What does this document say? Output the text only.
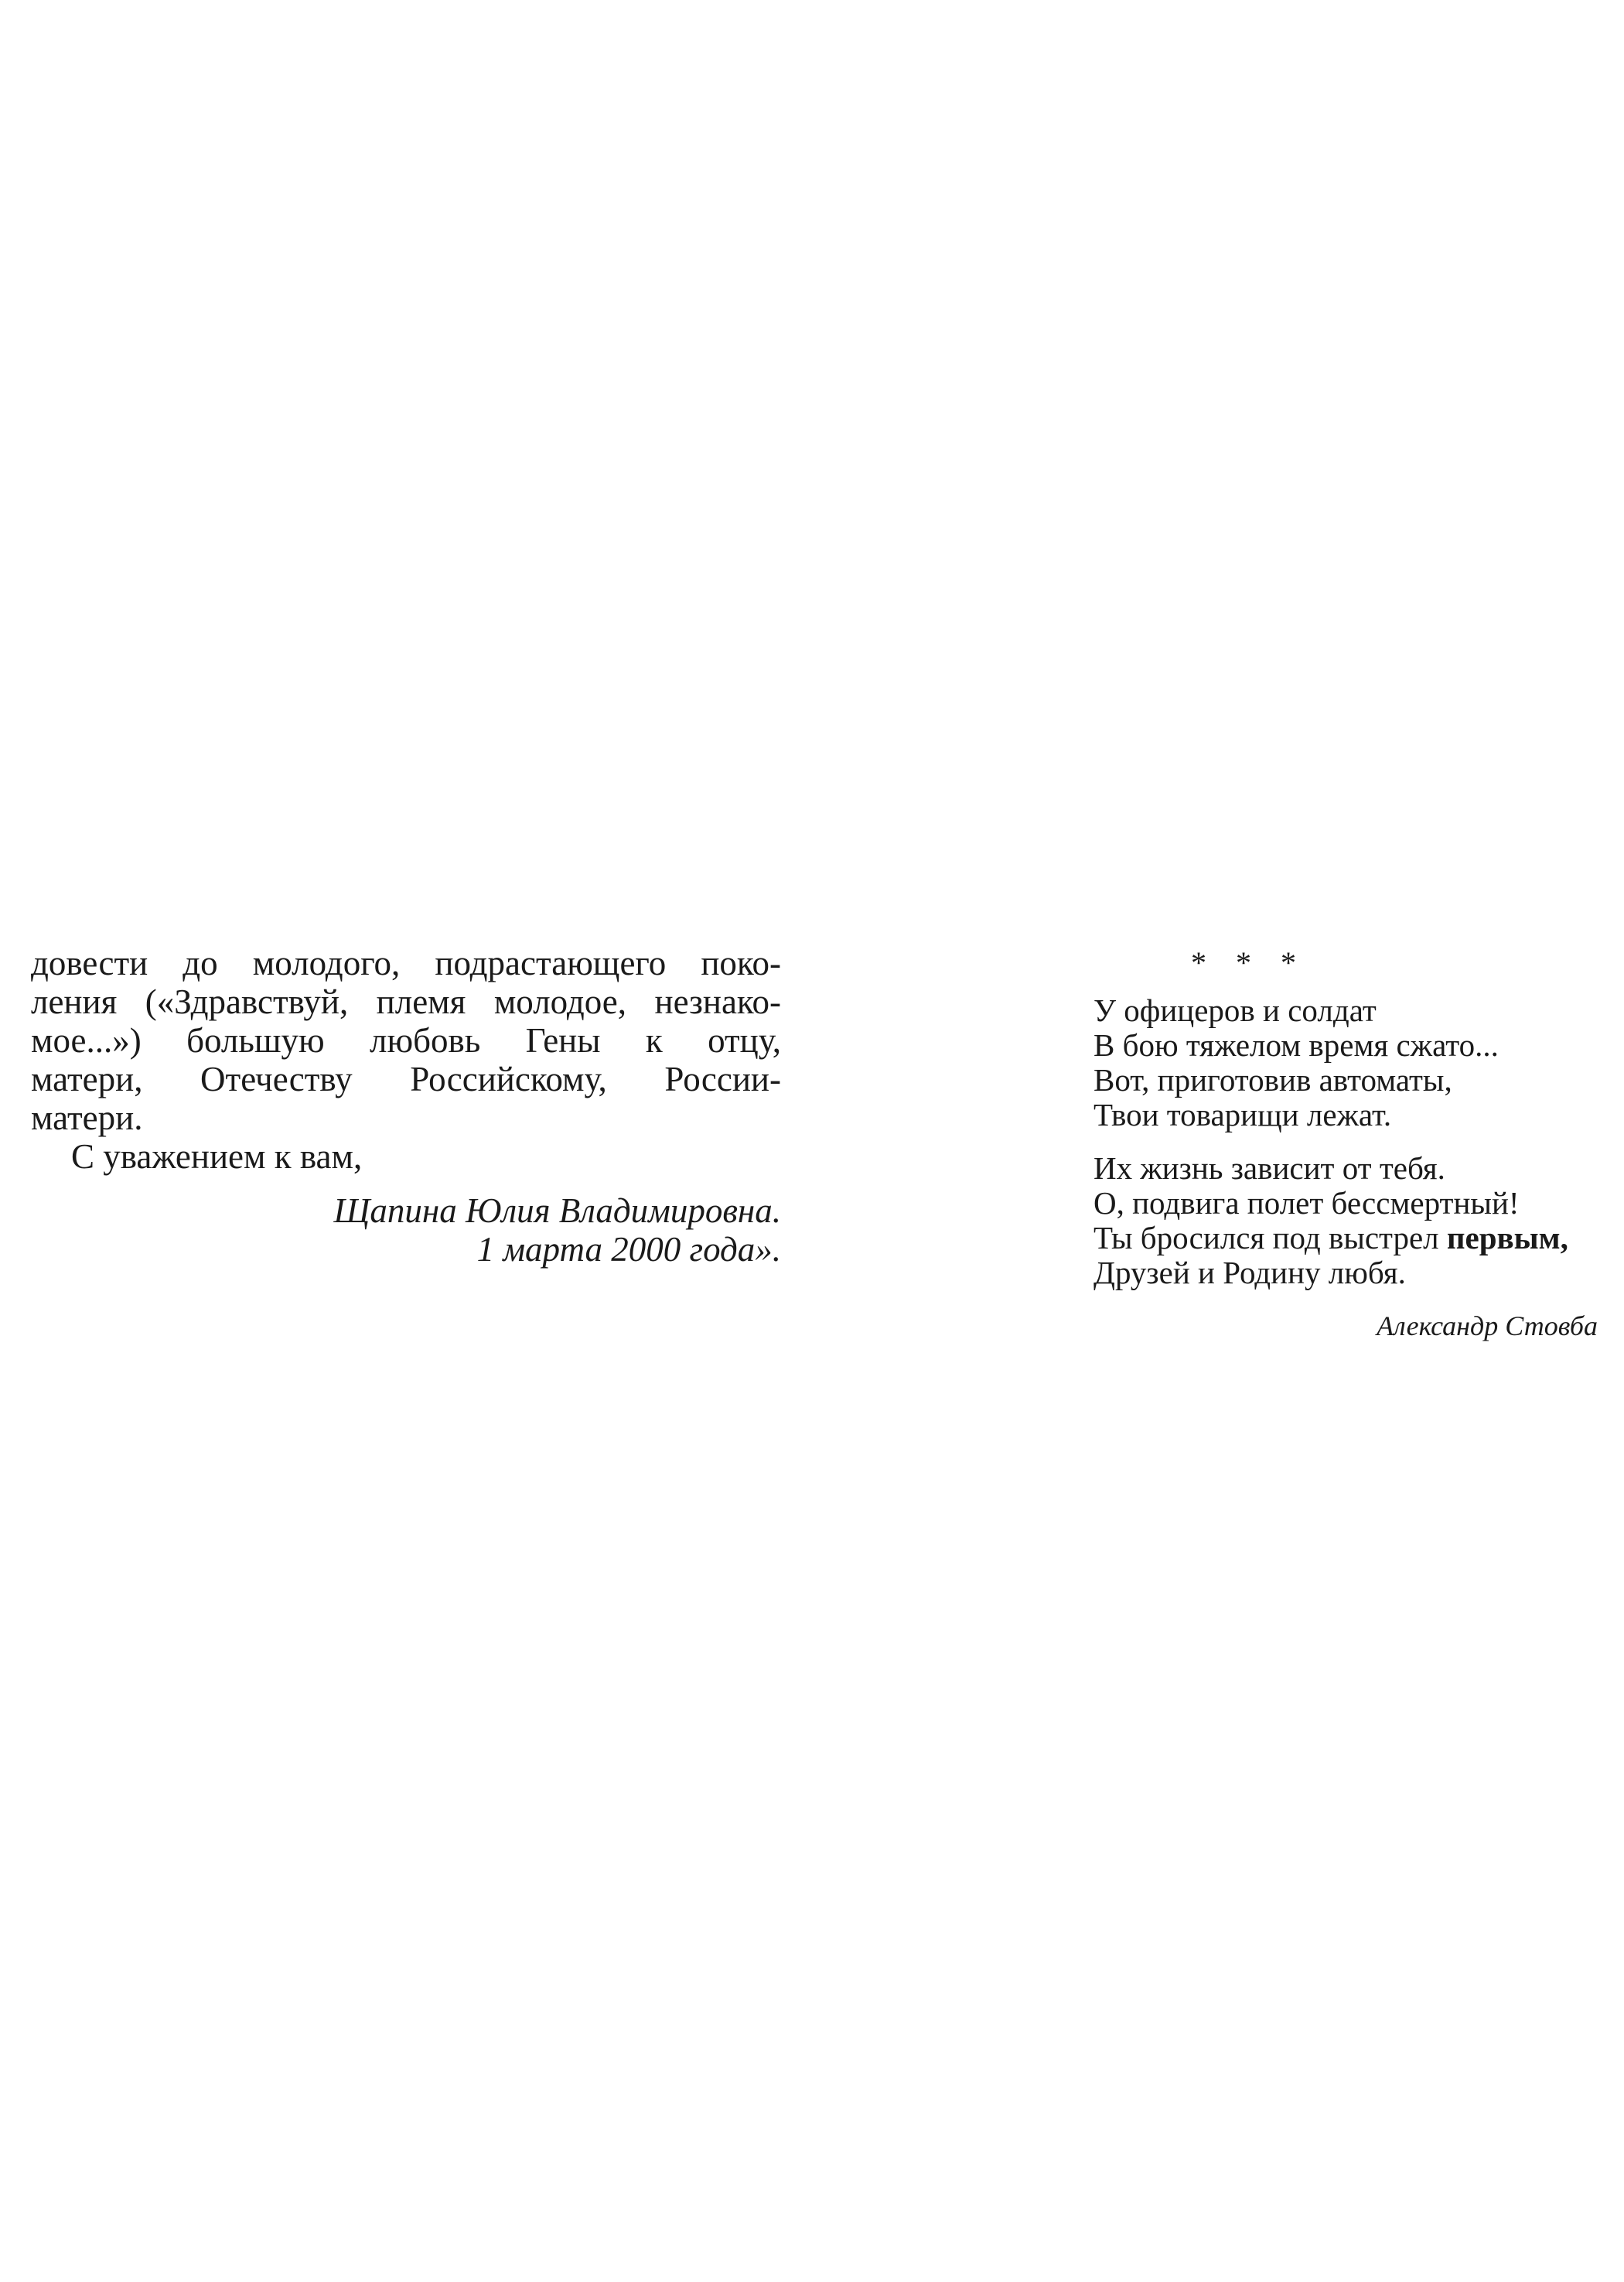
довести до молодого, подрастающего поко-
ления («Здравствуй, племя молодое, незнако-
мое...») большую любовь Гены к отцу,
матери, Отечеству Российскому, России-
матери.
С уважением к вам,
Щапина Юлия Владимировна.
1 марта 2000 года».
* * *
У офицеров и солдат
В бою тяжелом время сжато...
Вот, приготовив автоматы,
Твои товарищи лежат.
Их жизнь зависит от тебя.
О, подвига полет бессмертный!
Ты бросился под выстрел первым,
Друзей и Родину любя.
Александр Стовба
